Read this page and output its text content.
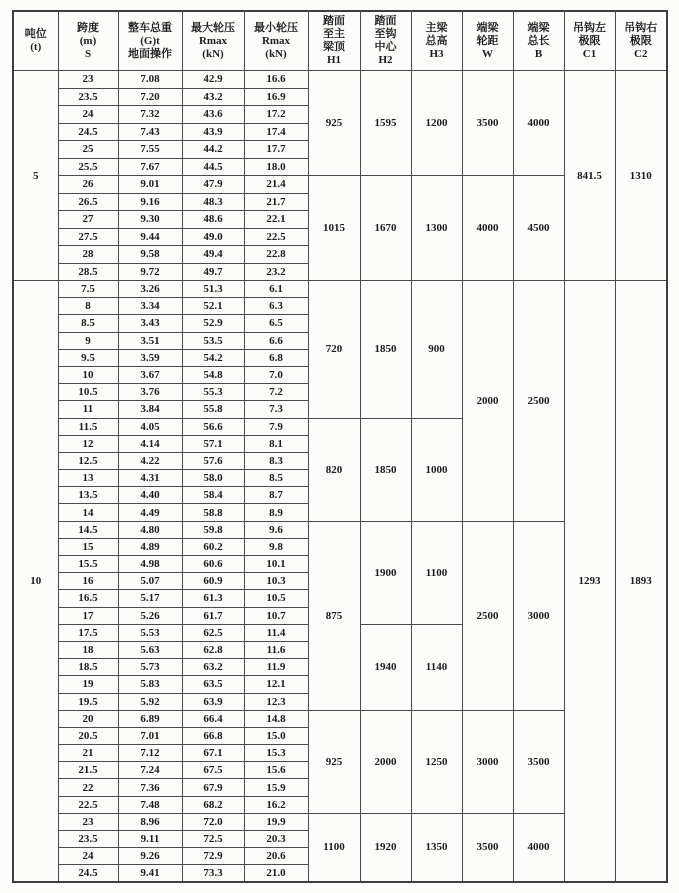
吨位
(t)

跨度
(m)
S

整车总重
(G)t
地面操作

最大轮压
Rmax
(kN)

最小轮压
Rmax
(kN)

踏面
至主
梁顶
H1

踏面
至钩
中心
H2

主梁
总高
H3

端梁
轮距
W

端梁
总长
B

吊钩左
极限
C1

吊钩右
极限
C2

5	23	7.08	42.9	16.6	925	1595	1200	3500	4000	841.5	1310
	23.5	7.20	43.2	16.9							
	24	7.32	43.6	17.2							
	24.5	7.43	43.9	17.4							
	25	7.55	44.2	17.7							
	25.5	7.67	44.5	18.0							
	26	9.01	47.9	21.4	1015	1670	1300	4000	4500		
	26.5	9.16	48.3	21.7							
	27	9.30	48.6	22.1							
	27.5	9.44	49.0	22.5							
	28	9.58	49.4	22.8							
	28.5	9.72	49.7	23.2							
10	7.5	3.26	51.3	6.1	720	1850	900	2000	2500	1293	1893
	8	3.34	52.1	6.3							
	8.5	3.43	52.9	6.5							
	9	3.51	53.5	6.6							
	9.5	3.59	54.2	6.8							
	10	3.67	54.8	7.0							
	10.5	3.76	55.3	7.2							
	11	3.84	55.8	7.3							
	11.5	4.05	56.6	7.9	820	1850	1000				
	12	4.14	57.1	8.1							
	12.5	4.22	57.6	8.3							
	13	4.31	58.0	8.5							
	13.5	4.40	58.4	8.7							
	14	4.49	58.8	8.9							
	14.5	4.80	59.8	9.6	875	1900	1100	2500	3000		
	15	4.89	60.2	9.8							
	15.5	4.98	60.6	10.1							
	16	5.07	60.9	10.3							
	16.5	5.17	61.3	10.5							
	17	5.26	61.7	10.7							
	17.5	5.53	62.5	11.4		1940	1140				
	18	5.63	62.8	11.6							
	18.5	5.73	63.2	11.9							
	19	5.83	63.5	12.1							
	19.5	5.92	63.9	12.3							
	20	6.89	66.4	14.8	925	2000	1250	3000	3500		
	20.5	7.01	66.8	15.0							
	21	7.12	67.1	15.3							
	21.5	7.24	67.5	15.6							
	22	7.36	67.9	15.9							
	22.5	7.48	68.2	16.2							
	23	8.96	72.0	19.9	1100	1920	1350	3500	4000		
	23.5	9.11	72.5	20.3							
	24	9.26	72.9	20.6							
	24.5	9.41	73.3	21.0							
